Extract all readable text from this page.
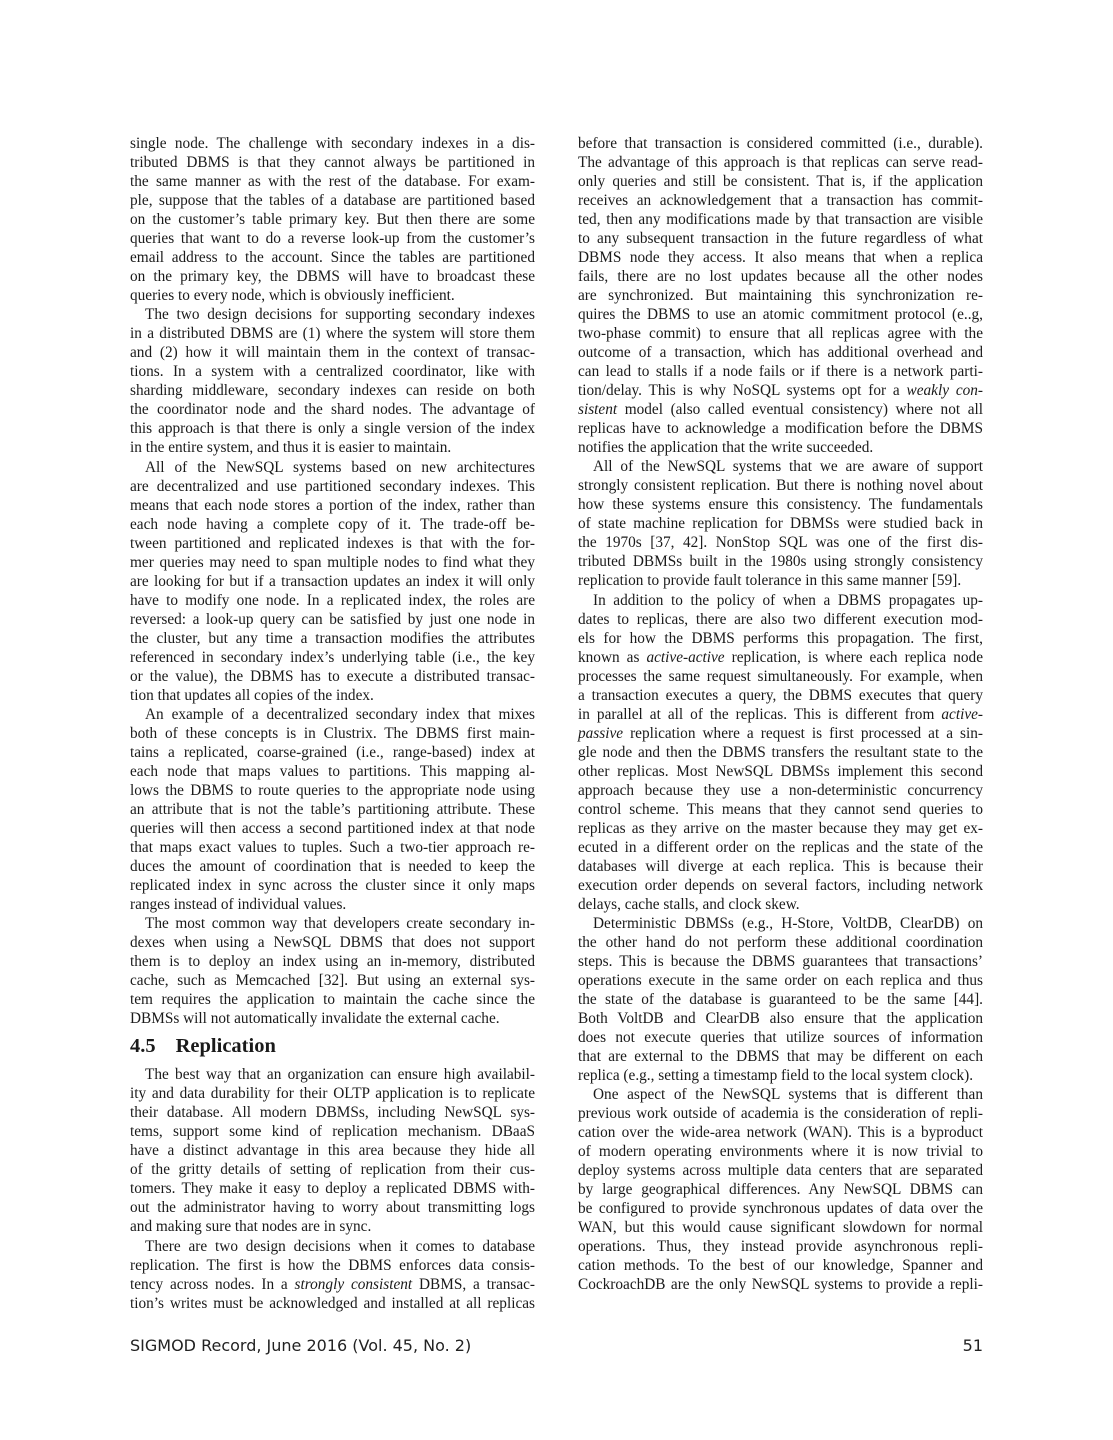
single node. The challenge with secondary indexes in a dis-
tributed DBMS is that they cannot always be partitioned in
the same manner as with the rest of the database. For exam-
ple, suppose that the tables of a database are partitioned based
on the customer’s table primary key. But then there are some
queries that want to do a reverse look-up from the customer’s
email address to the account. Since the tables are partitioned
on the primary key, the DBMS will have to broadcast these
queries to every node, which is obviously inefficient.
The two design decisions for supporting secondary indexes
in a distributed DBMS are (1) where the system will store them
and (2) how it will maintain them in the context of transac-
tions. In a system with a centralized coordinator, like with
sharding middleware, secondary indexes can reside on both
the coordinator node and the shard nodes. The advantage of
this approach is that there is only a single version of the index
in the entire system, and thus it is easier to maintain.
All of the NewSQL systems based on new architectures
are decentralized and use partitioned secondary indexes. This
means that each node stores a portion of the index, rather than
each node having a complete copy of it. The trade-off be-
tween partitioned and replicated indexes is that with the for-
mer queries may need to span multiple nodes to find what they
are looking for but if a transaction updates an index it will only
have to modify one node. In a replicated index, the roles are
reversed: a look-up query can be satisfied by just one node in
the cluster, but any time a transaction modifies the attributes
referenced in secondary index’s underlying table (i.e., the key
or the value), the DBMS has to execute a distributed transac-
tion that updates all copies of the index.
An example of a decentralized secondary index that mixes
both of these concepts is in Clustrix. The DBMS first main-
tains a replicated, coarse-grained (i.e., range-based) index at
each node that maps values to partitions. This mapping al-
lows the DBMS to route queries to the appropriate node using
an attribute that is not the table’s partitioning attribute. These
queries will then access a second partitioned index at that node
that maps exact values to tuples. Such a two-tier approach re-
duces the amount of coordination that is needed to keep the
replicated index in sync across the cluster since it only maps
ranges instead of individual values.
The most common way that developers create secondary in-
dexes when using a NewSQL DBMS that does not support
them is to deploy an index using an in-memory, distributed
cache, such as Memcached [32]. But using an external sys-
tem requires the application to maintain the cache since the
DBMSs will not automatically invalidate the external cache.
4.5 Replication
The best way that an organization can ensure high availabil-
ity and data durability for their OLTP application is to replicate
their database. All modern DBMSs, including NewSQL sys-
tems, support some kind of replication mechanism. DBaaS
have a distinct advantage in this area because they hide all
of the gritty details of setting of replication from their cus-
tomers. They make it easy to deploy a replicated DBMS with-
out the administrator having to worry about transmitting logs
and making sure that nodes are in sync.
There are two design decisions when it comes to database
replication. The first is how the DBMS enforces data consis-
tency across nodes. In a strongly consistent DBMS, a transac-
tion’s writes must be acknowledged and installed at all replicas
before that transaction is considered committed (i.e., durable).
The advantage of this approach is that replicas can serve read-
only queries and still be consistent. That is, if the application
receives an acknowledgement that a transaction has commit-
ted, then any modifications made by that transaction are visible
to any subsequent transaction in the future regardless of what
DBMS node they access. It also means that when a replica
fails, there are no lost updates because all the other nodes
are synchronized. But maintaining this synchronization re-
quires the DBMS to use an atomic commitment protocol (e..g,
two-phase commit) to ensure that all replicas agree with the
outcome of a transaction, which has additional overhead and
can lead to stalls if a node fails or if there is a network parti-
tion/delay. This is why NoSQL systems opt for a weakly con-
sistent model (also called eventual consistency) where not all
replicas have to acknowledge a modification before the DBMS
notifies the application that the write succeeded.
All of the NewSQL systems that we are aware of support
strongly consistent replication. But there is nothing novel about
how these systems ensure this consistency. The fundamentals
of state machine replication for DBMSs were studied back in
the 1970s [37, 42]. NonStop SQL was one of the first dis-
tributed DBMSs built in the 1980s using strongly consistency
replication to provide fault tolerance in this same manner [59].
In addition to the policy of when a DBMS propagates up-
dates to replicas, there are also two different execution mod-
els for how the DBMS performs this propagation. The first,
known as active-active replication, is where each replica node
processes the same request simultaneously. For example, when
a transaction executes a query, the DBMS executes that query
in parallel at all of the replicas. This is different from active-
passive replication where a request is first processed at a sin-
gle node and then the DBMS transfers the resultant state to the
other replicas. Most NewSQL DBMSs implement this second
approach because they use a non-deterministic concurrency
control scheme. This means that they cannot send queries to
replicas as they arrive on the master because they may get ex-
ecuted in a different order on the replicas and the state of the
databases will diverge at each replica. This is because their
execution order depends on several factors, including network
delays, cache stalls, and clock skew.
Deterministic DBMSs (e.g., H-Store, VoltDB, ClearDB) on
the other hand do not perform these additional coordination
steps. This is because the DBMS guarantees that transactions’
operations execute in the same order on each replica and thus
the state of the database is guaranteed to be the same [44].
Both VoltDB and ClearDB also ensure that the application
does not execute queries that utilize sources of information
that are external to the DBMS that may be different on each
replica (e.g., setting a timestamp field to the local system clock).
One aspect of the NewSQL systems that is different than
previous work outside of academia is the consideration of repli-
cation over the wide-area network (WAN). This is a byproduct
of modern operating environments where it is now trivial to
deploy systems across multiple data centers that are separated
by large geographical differences. Any NewSQL DBMS can
be configured to provide synchronous updates of data over the
WAN, but this would cause significant slowdown for normal
operations. Thus, they instead provide asynchronous repli-
cation methods. To the best of our knowledge, Spanner and
CockroachDB are the only NewSQL systems to provide a repli-
SIGMOD Record, June 2016 (Vol. 45, No. 2)	51
